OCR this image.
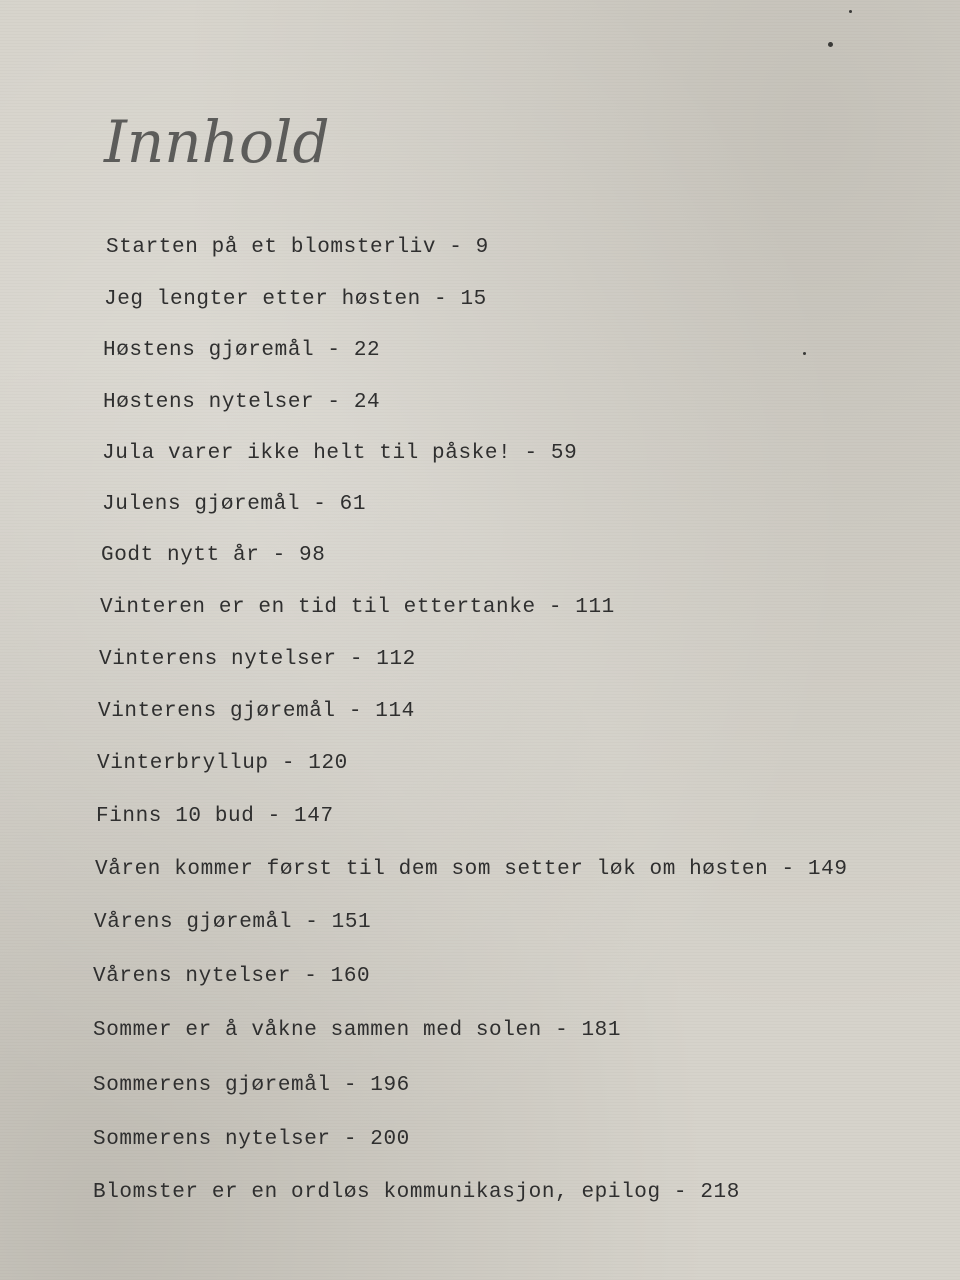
Innhold
Starten på et blomsterliv - 9
Jeg lengter etter høsten - 15
Høstens gjøremål - 22
Høstens nytelser - 24
Jula varer ikke helt til påske! - 59
Julens gjøremål - 61
Godt nytt år - 98
Vinteren er en tid til ettertanke - 111
Vinterens nytelser - 112
Vinterens gjøremål - 114
Vinterbryllup - 120
Finns 10 bud - 147
Våren kommer først til dem som setter løk om høsten - 149
Vårens gjøremål - 151
Vårens nytelser - 160
Sommer er å våkne sammen med solen - 181
Sommerens gjøremål - 196
Sommerens nytelser - 200
Blomster er en ordløs kommunikasjon, epilog - 218
